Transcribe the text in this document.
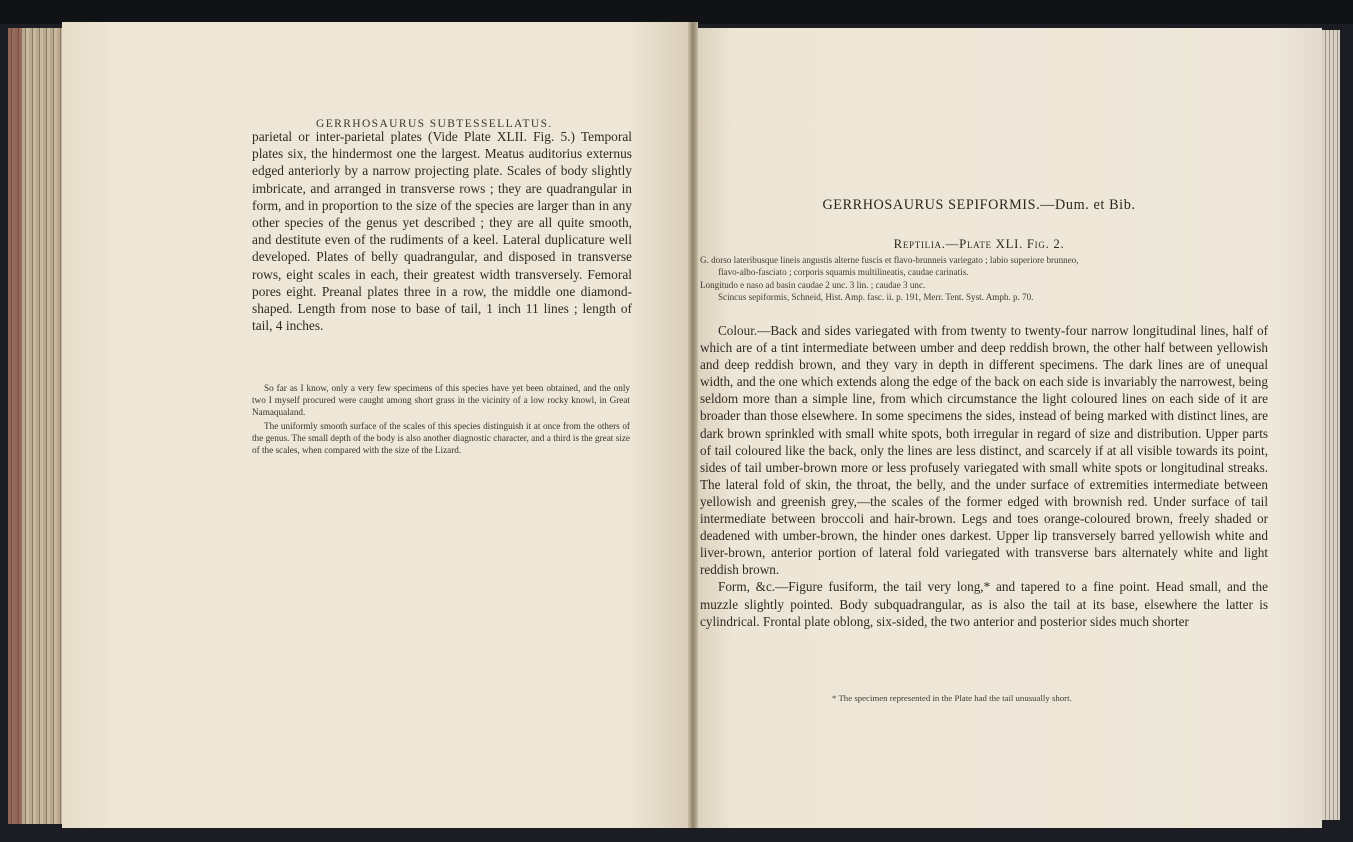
GERRHOSAURUS SUBTESSELLATUS.

parietal or inter-parietal plates (Vide Plate XLII. Fig. 5.) Temporal plates six, the hindermost one the largest. Meatus auditorius externus edged anteriorly by a narrow projecting plate. Scales of body slightly imbricate, and arranged in transverse rows ; they are quadrangular in form, and in proportion to the size of the species are larger than in any other species of the genus yet described ; they are all quite smooth, and destitute even of the rudiments of a keel. Lateral duplicature well developed. Plates of belly quadrangular, and disposed in transverse rows, eight scales in each, their greatest width transversely. Femoral pores eight. Preanal plates three in a row, the middle one diamond-shaped. Length from nose to base of tail, 1 inch 11 lines ; length of tail, 4 inches.

So far as I know, only a very few specimens of this species have yet been obtained, and the only two I myself procured were caught among short grass in the vicinity of a low rocky knowl, in Great Namaqualand.

The uniformly smooth surface of the scales of this species distinguish it at once from the others of the genus. The small depth of the body is also another diagnostic character, and a third is the great size of the scales, when compared with the size of the Lizard.

GERRHOSAURUS SEPIFORMIS.—Dum. et Bib.
Reptilia.—Plate XLI. Fig. 2.

G. dorso lateribusque lineis angustis alterne fuscis et flavo-brunneis variegato ; labio superiore brunneo,

flavo-albo-fasciato ; corporis squamis multilineatis, caudae carinatis.

Longitudo e naso ad basin caudae 2 unc. 3 lin. ; caudae 3 unc.

Scincus sepiformis, Schneid, Hist. Amp. fasc. ii. p. 191, Merr. Tent. Syst. Amph. p. 70.

Colour.—Back and sides variegated with from twenty to twenty-four narrow longitudinal lines, half of which are of a tint intermediate between umber and deep reddish brown, the other half between yellowish and deep reddish brown, and they vary in depth in different specimens. The dark lines are of unequal width, and the one which extends along the edge of the back on each side is invariably the narrowest, being seldom more than a simple line, from which circumstance the light coloured lines on each side of it are broader than those elsewhere. In some specimens the sides, instead of being marked with distinct lines, are dark brown sprinkled with small white spots, both irregular in regard of size and distribution. Upper parts of tail coloured like the back, only the lines are less distinct, and scarcely if at all visible towards its point, sides of tail umber-brown more or less profusely variegated with small white spots or longitudinal streaks. The lateral fold of skin, the throat, the belly, and the under surface of extremities intermediate between yellowish and greenish grey,—the scales of the former edged with brownish red. Under surface of tail intermediate between broccoli and hair-brown. Legs and toes orange-coloured brown, freely shaded or deadened with umber-brown, the hinder ones darkest. Upper lip transversely barred yellowish white and liver-brown, anterior portion of lateral fold variegated with transverse bars alternately white and light reddish brown.

Form, &c.—Figure fusiform, the tail very long,* and tapered to a fine point. Head small, and the muzzle slightly pointed. Body subquadrangular, as is also the tail at its base, elsewhere the latter is cylindrical. Frontal plate oblong, six-sided, the two anterior and posterior sides much shorter

* The specimen represented in the Plate had the tail unusually short.
